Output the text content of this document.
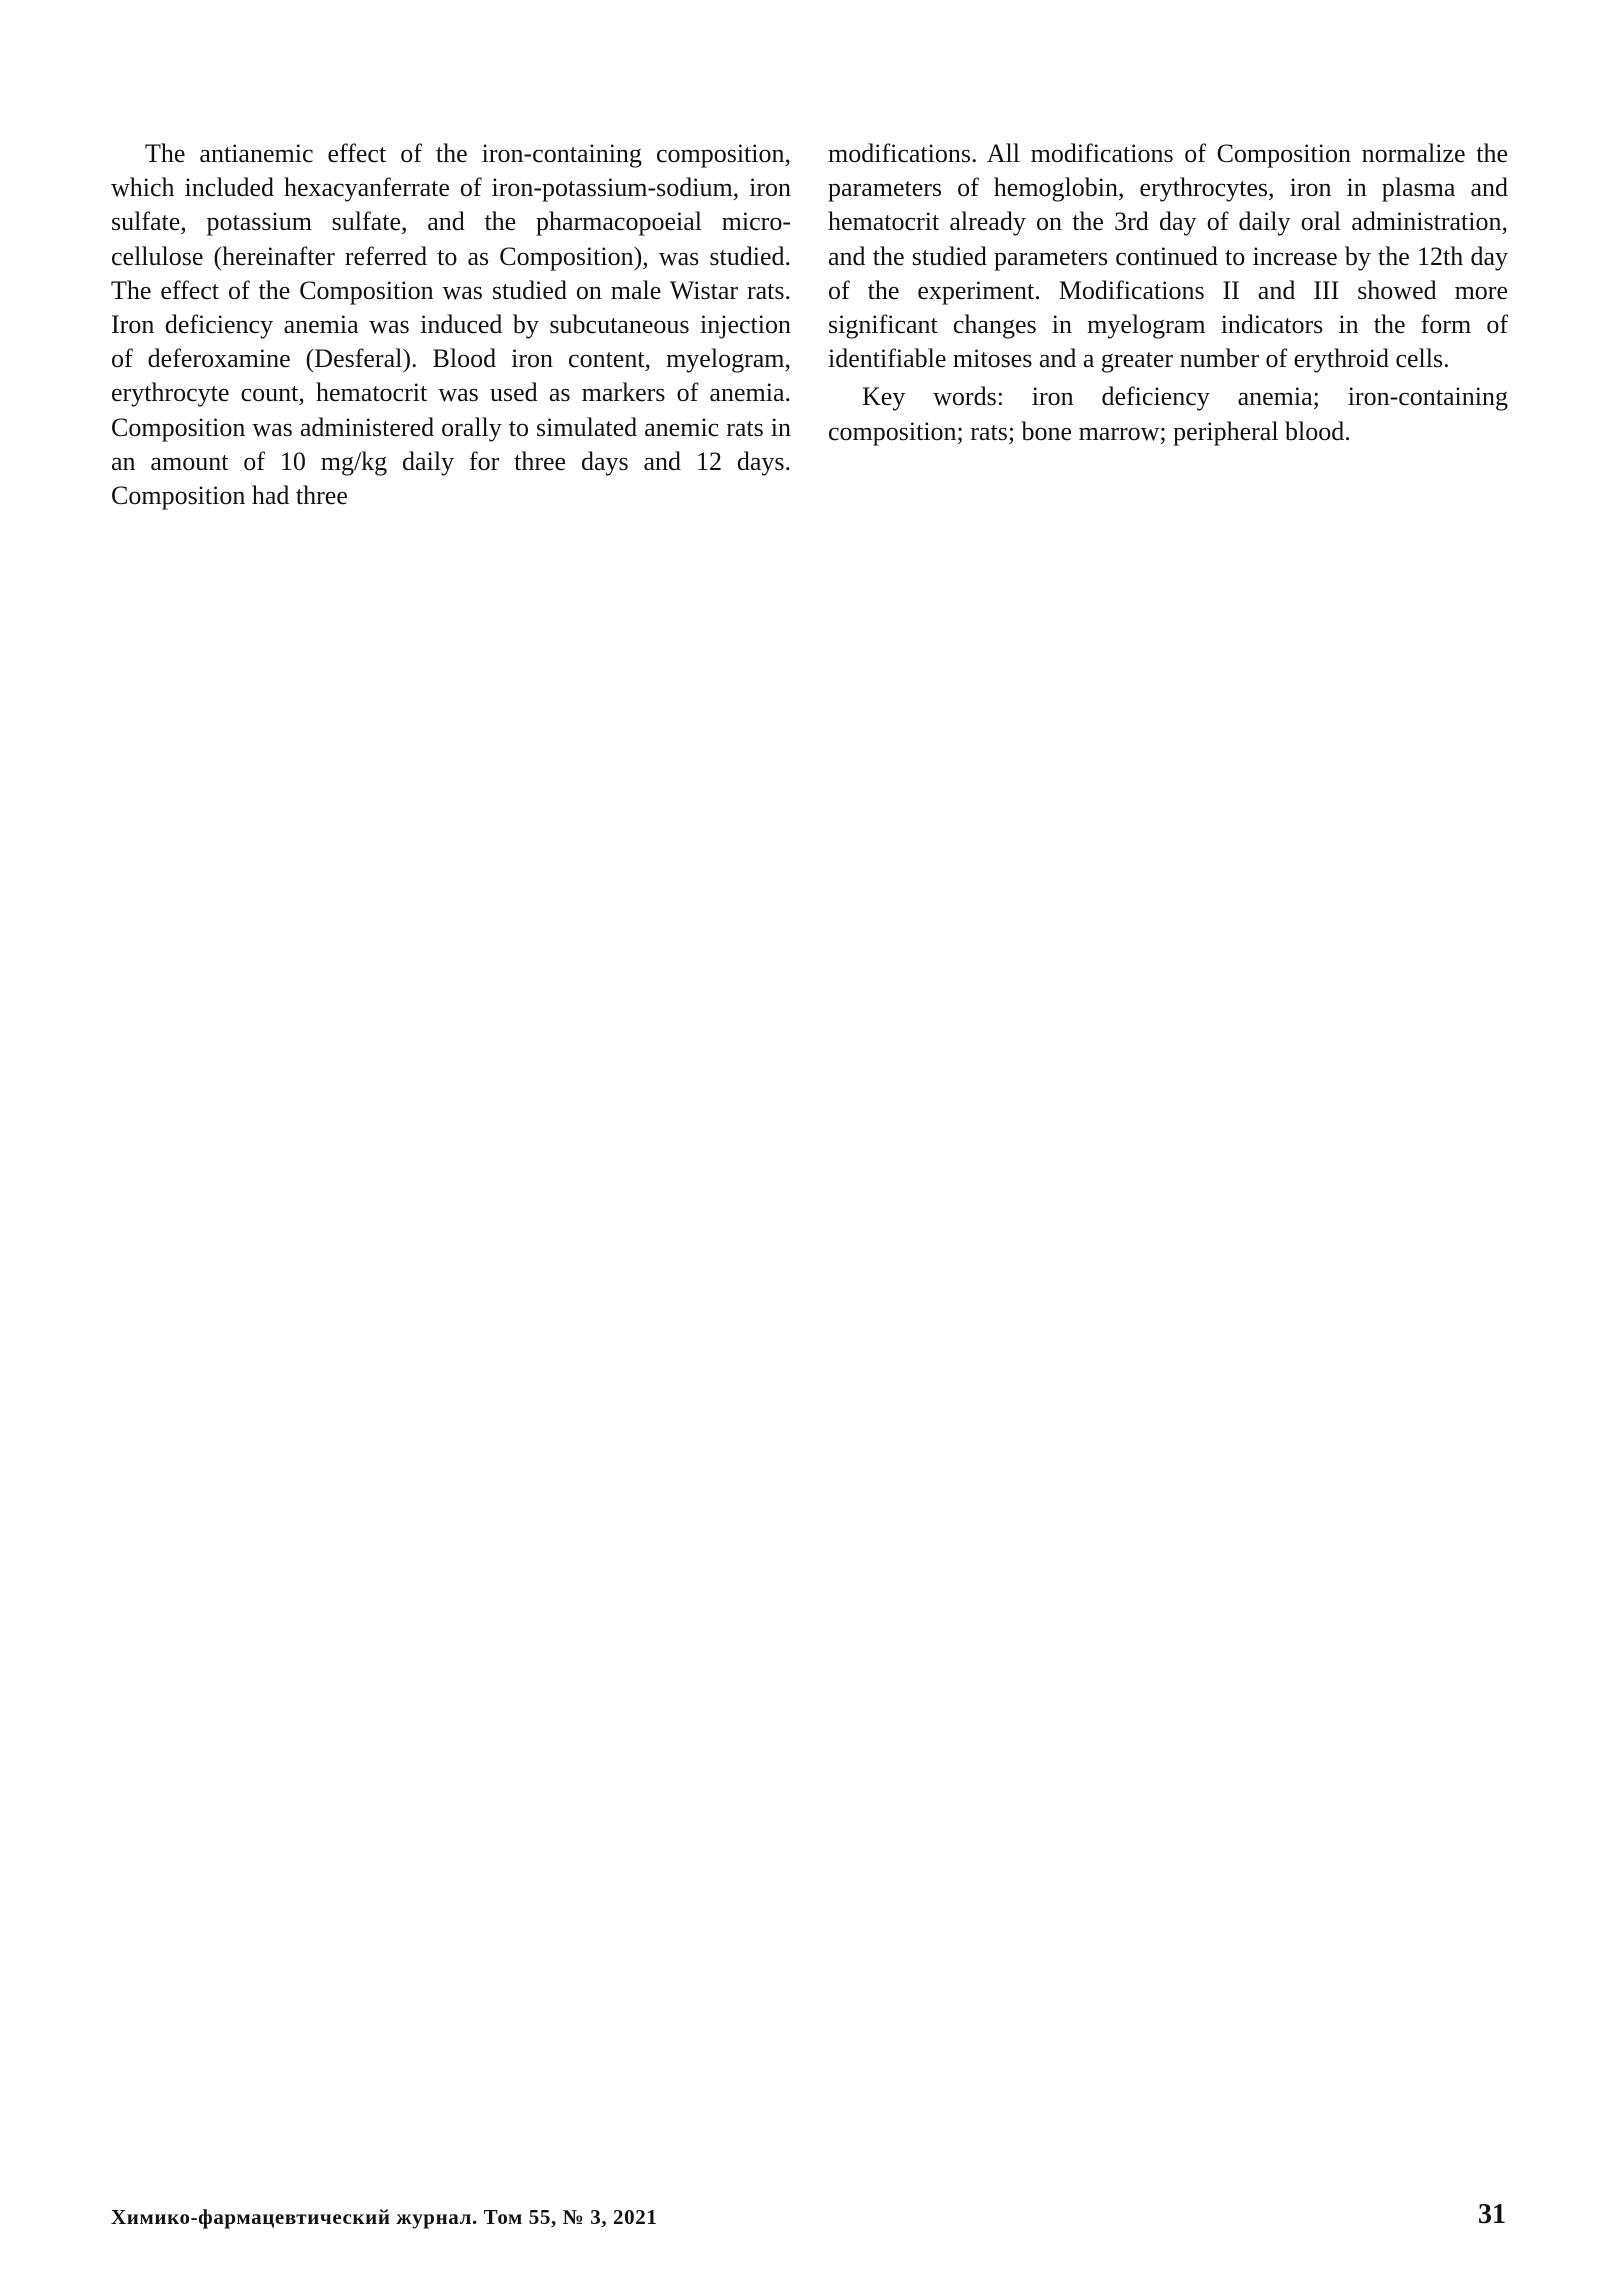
The antianemic effect of the iron-containing composition, which included hexacyanferrate of iron-potassium-sodium, iron sulfate, potassium sulfate, and the pharmacopoeial micro-cellulose (hereinafter referred to as Composition), was studied. The effect of the Composition was studied on male Wistar rats. Iron deficiency anemia was induced by subcutaneous injection of deferoxamine (Desferal). Blood iron content, myelogram, erythrocyte count, hematocrit was used as markers of anemia. Composition was administered orally to simulated anemic rats in an amount of 10 mg/kg daily for three days and 12 days. Composition had three

modifications. All modifications of Composition normalize the parameters of hemoglobin, erythrocytes, iron in plasma and hematocrit already on the 3rd day of daily oral administration, and the studied parameters continued to increase by the 12th day of the experiment. Modifications II and III showed more significant changes in myelogram indicators in the form of identifiable mitoses and a greater number of erythroid cells.

Key words: iron deficiency anemia; iron-containing composition; rats; bone marrow; peripheral blood.

Химико-фармацевтический журнал. Том 55, № 3, 2021	31
